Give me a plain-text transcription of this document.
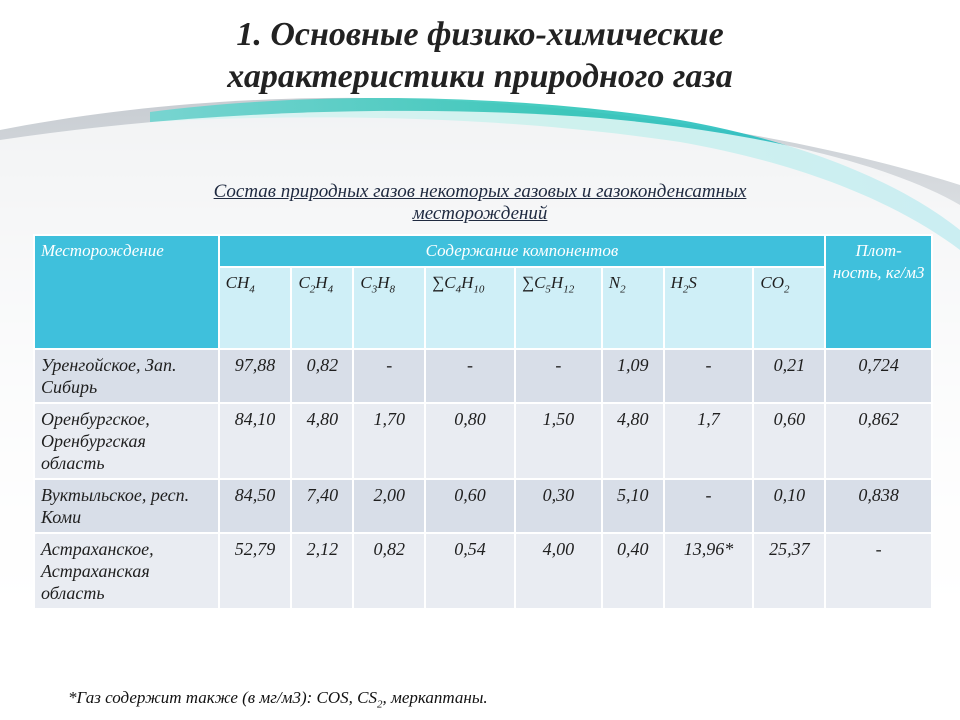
1. Основные физико-химические
характеристики природного газа
Состав природных газов некоторых газовых и газоконденсатных
месторождений
Месторождение	Содержание компонентов								Плот-ность, кг/м3
	$CH_4$	$C_2H_4$	$C_3H_8$	$\sum C_4H_{10}$	$\sum C_5H_{12}$	$N_2$	$H_2S$	$CO_2$
Уренгойское, Зап. Сибирь	97,88	0,82	-	-	-	1,09	-	0,21	0,724
Оренбургское, Оренбургская область	84,10	4,80	1,70	0,80	1,50	4,80	1,7	0,60	0,862
Вуктыльское, респ. Коми	84,50	7,40	2,00	0,60	0,30	5,10	-	0,10	0,838
Астраханское, Астраханская область	52,79	2,12	0,82	0,54	4,00	0,40	13,96*	25,37	-
*Газ содержит также (в мг/м3): COS, $CS_2$, меркаптаны.
